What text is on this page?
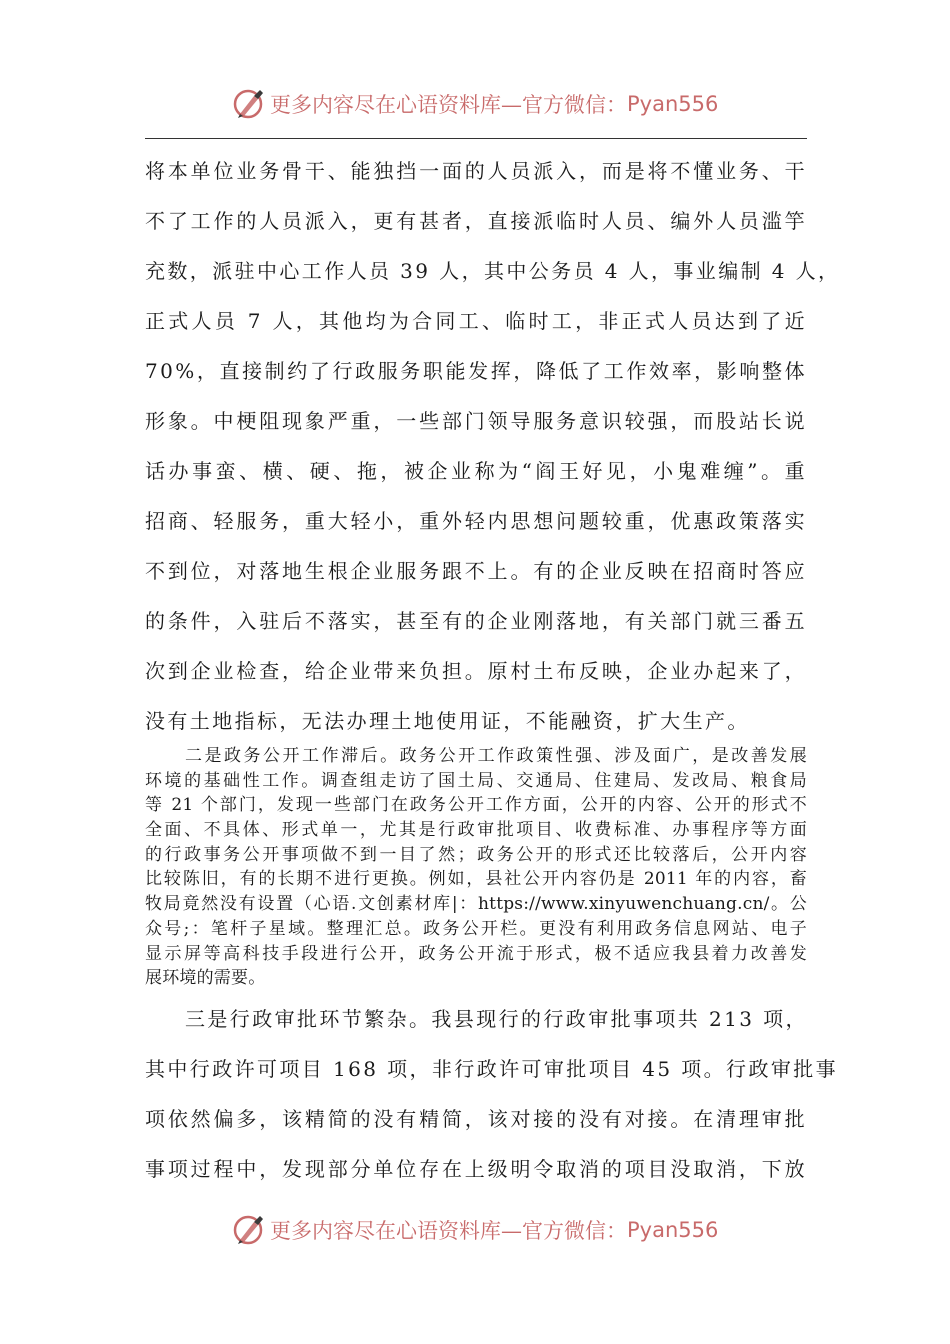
更多内容尽在心语资料库—官方微信： Pyan556
将本单位业务骨干、能独挡一面的人员派入，而是将不懂业务、干
不了工作的人员派入，更有甚者，直接派临时人员、编外人员滥竽
充数，派驻中心工作人员 39 人，其中公务员 4 人，事业编制 4 人，
正式人员 7 人，其他均为合同工、临时工，非正式人员达到了近
70%，直接制约了行政服务职能发挥，降低了工作效率，影响整体
形象。中梗阻现象严重，一些部门领导服务意识较强，而股站长说
话办事蛮、横、硬、拖，被企业称为“阎王好见，小鬼难缠”。重
招商、轻服务，重大轻小，重外轻内思想问题较重，优惠政策落实
不到位，对落地生根企业服务跟不上。有的企业反映在招商时答应
的条件，入驻后不落实，甚至有的企业刚落地，有关部门就三番五
次到企业检查，给企业带来负担。原村土布反映，企业办起来了，
没有土地指标，无法办理土地使用证，不能融资，扩大生产。
二是政务公开工作滞后。政务公开工作政策性强、涉及面广，是改善发展
环境的基础性工作。调查组走访了国土局、交通局、住建局、发改局、粮食局
等 21 个部门，发现一些部门在政务公开工作方面，公开的内容、公开的形式不
全面、不具体、形式单一，尤其是行政审批项目、收费标准、办事程序等方面
的行政事务公开事项做不到一目了然；政务公开的形式还比较落后，公开内容
比较陈旧，有的长期不进行更换。例如，县社公开内容仍是 2011 年的内容，畜
牧局竟然没有设置（心语.文创素材库|：https://www.xinyuwenchuang.cn/。公
众号;：笔杆子星域。整理汇总。政务公开栏。更没有利用政务信息网站、电子
显示屏等高科技手段进行公开，政务公开流于形式，极不适应我县着力改善发
展环境的需要。
三是行政审批环节繁杂。我县现行的行政审批事项共 213 项，
其中行政许可项目 168 项，非行政许可审批项目 45 项。行政审批事
项依然偏多，该精简的没有精简，该对接的没有对接。在清理审批
事项过程中，发现部分单位存在上级明令取消的项目没取消，下放
更多内容尽在心语资料库—官方微信： Pyan556
